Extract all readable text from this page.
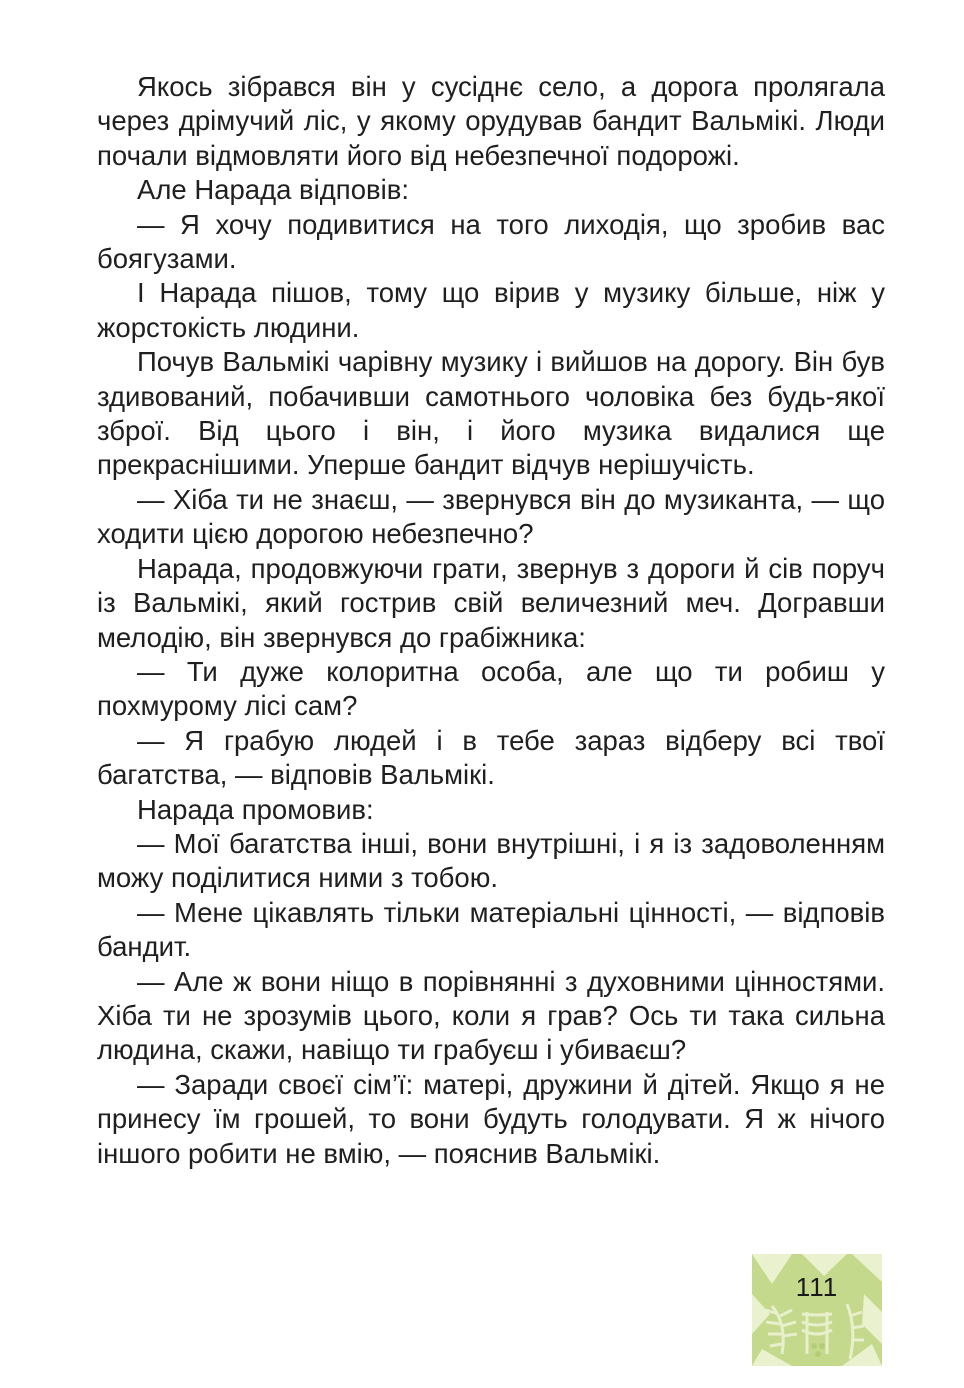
Якось зібрався він у сусіднє село, а дорога пролягала через дрімучий ліс, у якому орудував бандит Вальмікі. Люди почали відмовляти його від небезпечної подорожі.

Але Нарада відповів:

— Я хочу подивитися на того лиходія, що зробив вас боягузами.

І Нарада пішов, тому що вірив у музику більше, ніж у жорстокість людини.

Почув Вальмікі чарівну музику і вийшов на дорогу. Він був здивований, побачивши самотнього чоловіка без будь-якої зброї. Від цього і він, і його музика видалися ще прекраснішими. Уперше бандит відчув нерішучість.

— Хіба ти не знаєш, — звернувся він до музиканта, — що ходити цією дорогою небезпечно?

Нарада, продовжуючи грати, звернув з дороги й сів поруч із Вальмікі, який гострив свій величезний меч. Догравши мелодію, він звернувся до грабіжника:

— Ти дуже колоритна особа, але що ти робиш у похмурому лісі сам?

— Я грабую людей і в тебе зараз відберу всі твої багатства, — відповів Вальмікі.

Нарада промовив:

— Мої багатства інші, вони внутрішні, і я із задоволенням можу поділитися ними з тобою.

— Мене цікавлять тільки матеріальні цінності, — відповів бандит.

— Але ж вони ніщо в порівнянні з духовними цінностями. Хіба ти не зрозумів цього, коли я грав? Ось ти така сильна людина, скажи, навіщо ти грабуєш і убиваєш?

— Заради своєї сім’ї: матері, дружини й дітей. Якщо я не принесу їм грошей, то вони будуть голодувати. Я ж нічого іншого робити не вмію, — пояснив Вальмікі.

111
